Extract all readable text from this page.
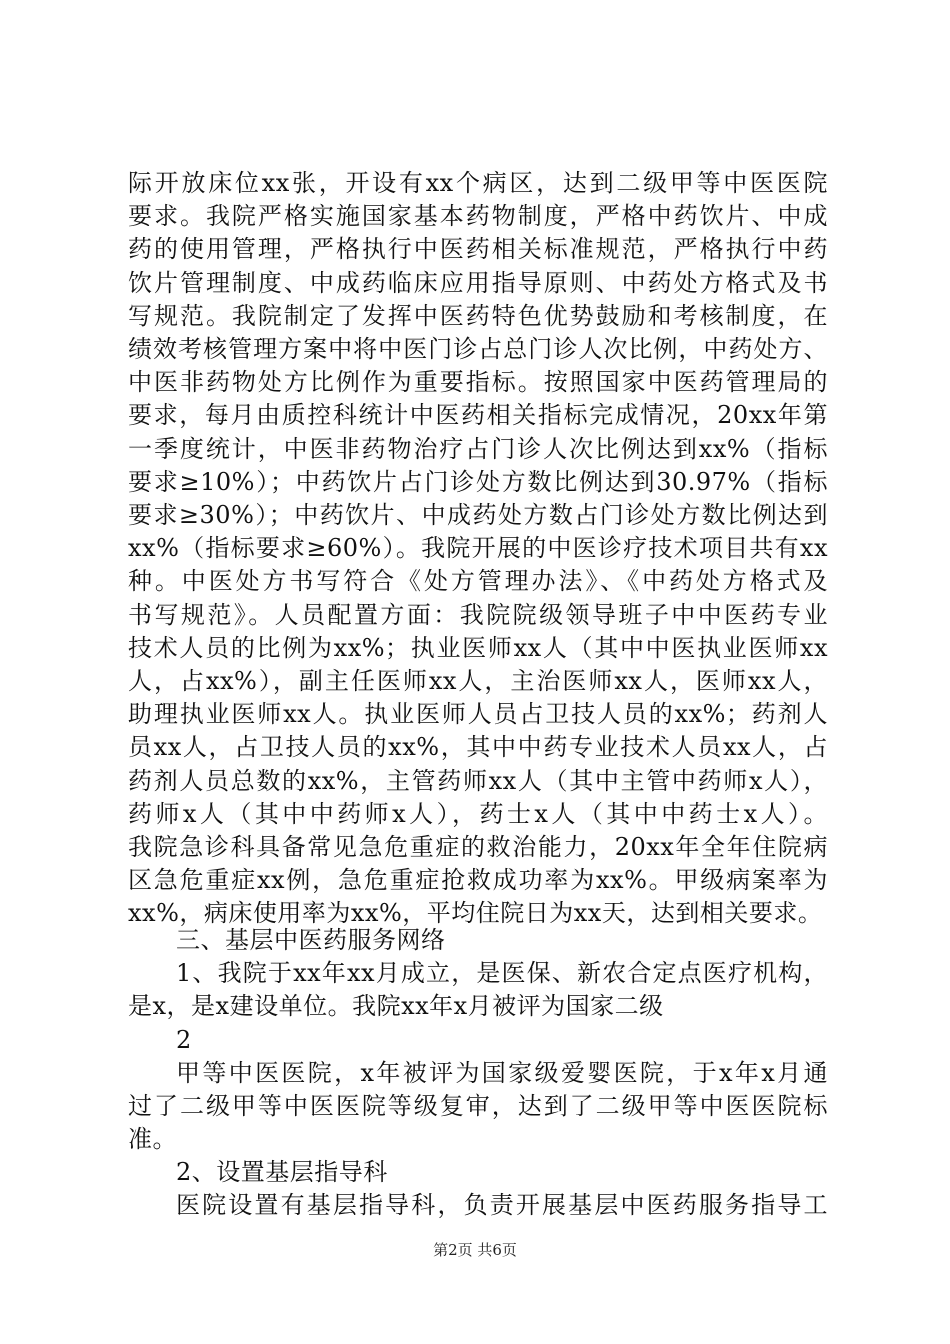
际开放床位xx张，开设有xx个病区，达到二级甲等中医医院
要求。我院严格实施国家基本药物制度，严格中药饮片、中成
药的使用管理，严格执行中医药相关标准规范，严格执行中药
饮片管理制度、中成药临床应用指导原则、中药处方格式及书
写规范。我院制定了发挥中医药特色优势鼓励和考核制度，在
绩效考核管理方案中将中医门诊占总门诊人次比例，中药处方、
中医非药物处方比例作为重要指标。按照国家中医药管理局的
要求，每月由质控科统计中医药相关指标完成情况，20xx年第
一季度统计，中医非药物治疗占门诊人次比例达到xx%（指标
要求≥10%）；中药饮片占门诊处方数比例达到30.97%（指标
要求≥30%）；中药饮片、中成药处方数占门诊处方数比例达到
xx%（指标要求≥60%）。我院开展的中医诊疗技术项目共有xx
种。中医处方书写符合《处方管理办法》、《中药处方格式及
书写规范》。人员配置方面：我院院级领导班子中中医药专业
技术人员的比例为xx%；执业医师xx人（其中中医执业医师xx
人，占xx%），副主任医师xx人，主治医师xx人，医师xx人，
助理执业医师xx人。执业医师人员占卫技人员的xx%；药剂人
员xx人，占卫技人员的xx%，其中中药专业技术人员xx人，占
药剂人员总数的xx%，主管药师xx人（其中主管中药师x人），
药师x人（其中中药师x人），药士x人（其中中药士x人）。
我院急诊科具备常见急危重症的救治能力，20xx年全年住院病
区急危重症xx例，急危重症抢救成功率为xx%。甲级病案率为
xx%，病床使用率为xx%，平均住院日为xx天，达到相关要求。
三、基层中医药服务网络
1、我院于xx年xx月成立，是医保、新农合定点医疗机构，
是x，是x建设单位。我院xx年x月被评为国家二级
2
甲等中医医院，x年被评为国家级爱婴医院，于x年x月通
过了二级甲等中医医院等级复审，达到了二级甲等中医医院标
准。
2、设置基层指导科
医院设置有基层指导科，负责开展基层中医药服务指导工
第2页 共6页
